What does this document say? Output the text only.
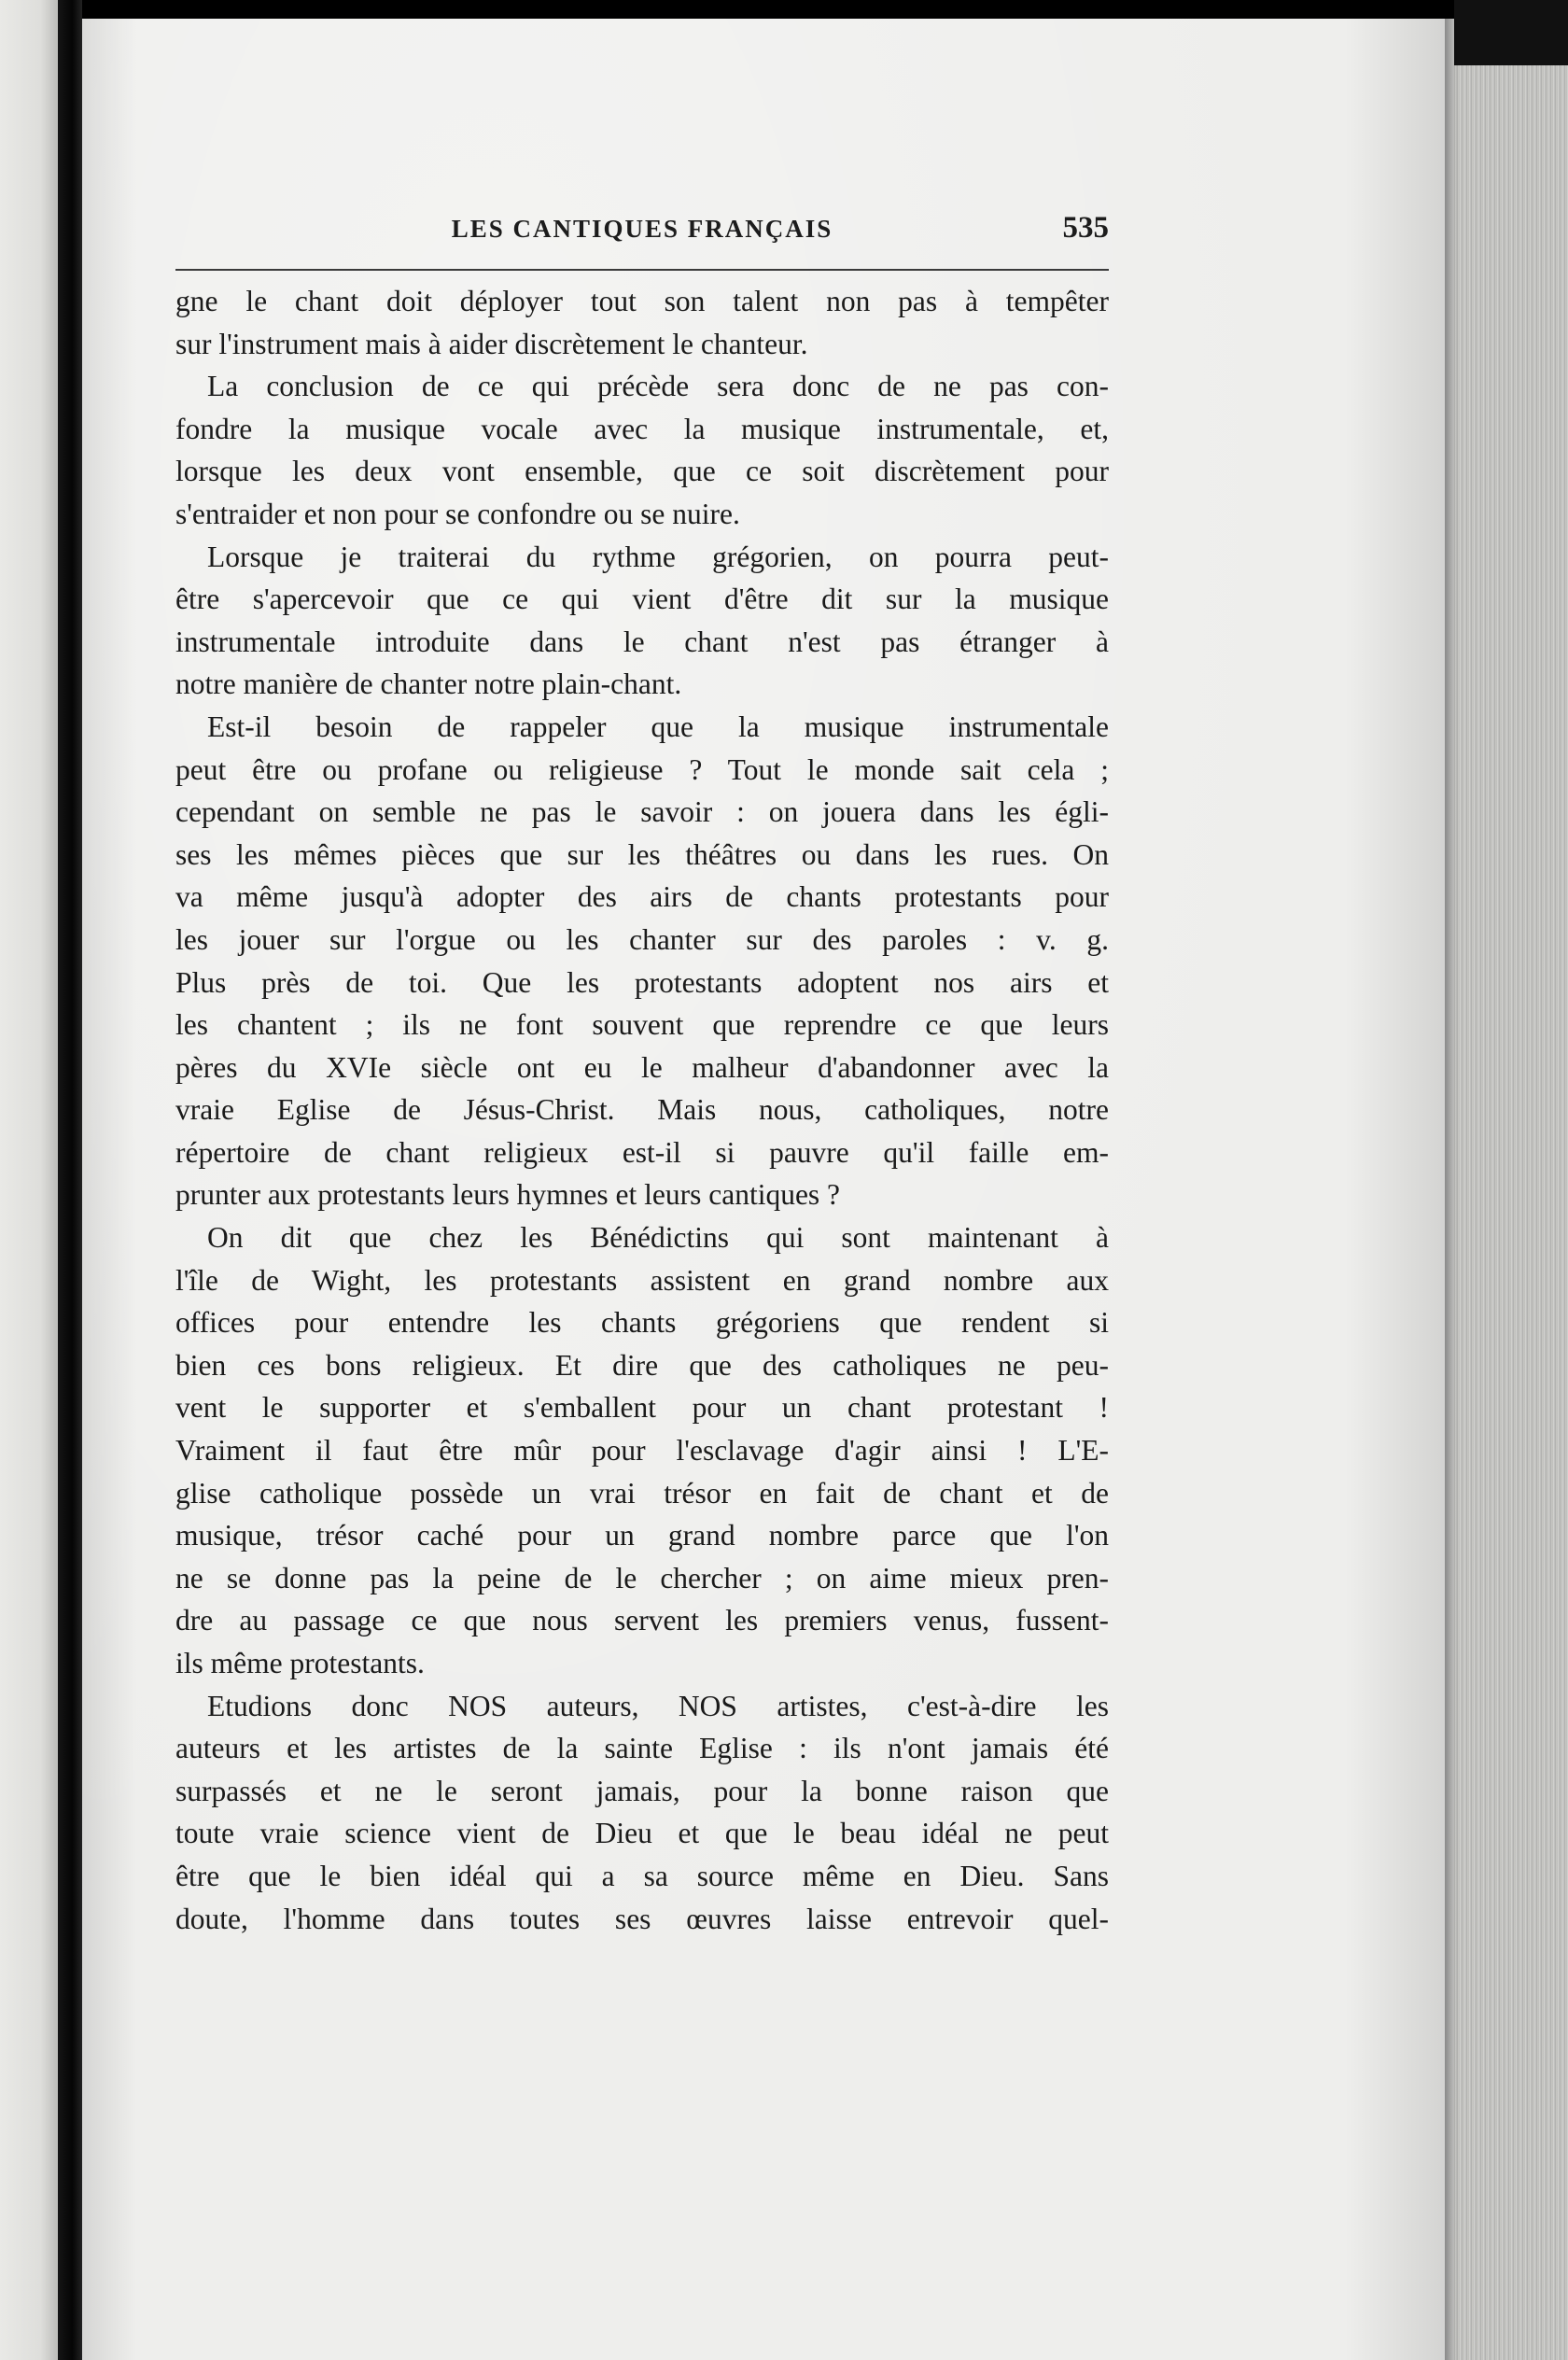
LES CANTIQUES FRANÇAIS	535

gne le chant doit déployer tout son talent non pas à tempêter
sur l'instrument mais à aider discrètement le chanteur.

La conclusion de ce qui précède sera donc de ne pas con-
fondre la musique vocale avec la musique instrumentale, et,
lorsque les deux vont ensemble, que ce soit discrètement pour
s'entraider et non pour se confondre ou se nuire.

Lorsque je traiterai du rythme grégorien, on pourra peut-
être s'apercevoir que ce qui vient d'être dit sur la musique
instrumentale introduite dans le chant n'est pas étranger à
notre manière de chanter notre plain-chant.

Est-il besoin de rappeler que la musique instrumentale
peut être ou profane ou religieuse ? Tout le monde sait cela ;
cependant on semble ne pas le savoir : on jouera dans les égli-
ses les mêmes pièces que sur les théâtres ou dans les rues. On
va même jusqu'à adopter des airs de chants protestants pour
les jouer sur l'orgue ou les chanter sur des paroles : v. g.
Plus près de toi. Que les protestants adoptent nos airs et
les chantent ; ils ne font souvent que reprendre ce que leurs
pères du XVIe siècle ont eu le malheur d'abandonner avec la
vraie Eglise de Jésus-Christ. Mais nous, catholiques, notre
répertoire de chant religieux est-il si pauvre qu'il faille em-
prunter aux protestants leurs hymnes et leurs cantiques ?

On dit que chez les Bénédictins qui sont maintenant à
l'île de Wight, les protestants assistent en grand nombre aux
offices pour entendre les chants grégoriens que rendent si
bien ces bons religieux. Et dire que des catholiques ne peu-
vent le supporter et s'emballent pour un chant protestant !
Vraiment il faut être mûr pour l'esclavage d'agir ainsi ! L'E-
glise catholique possède un vrai trésor en fait de chant et de
musique, trésor caché pour un grand nombre parce que l'on
ne se donne pas la peine de le chercher ; on aime mieux pren-
dre au passage ce que nous servent les premiers venus, fussent-
ils même protestants.

Etudions donc NOS auteurs, NOS artistes, c'est-à-dire les
auteurs et les artistes de la sainte Eglise : ils n'ont jamais été
surpassés et ne le seront jamais, pour la bonne raison que
toute vraie science vient de Dieu et que le beau idéal ne peut
être que le bien idéal qui a sa source même en Dieu. Sans
doute, l'homme dans toutes ses œuvres laisse entrevoir quel-
